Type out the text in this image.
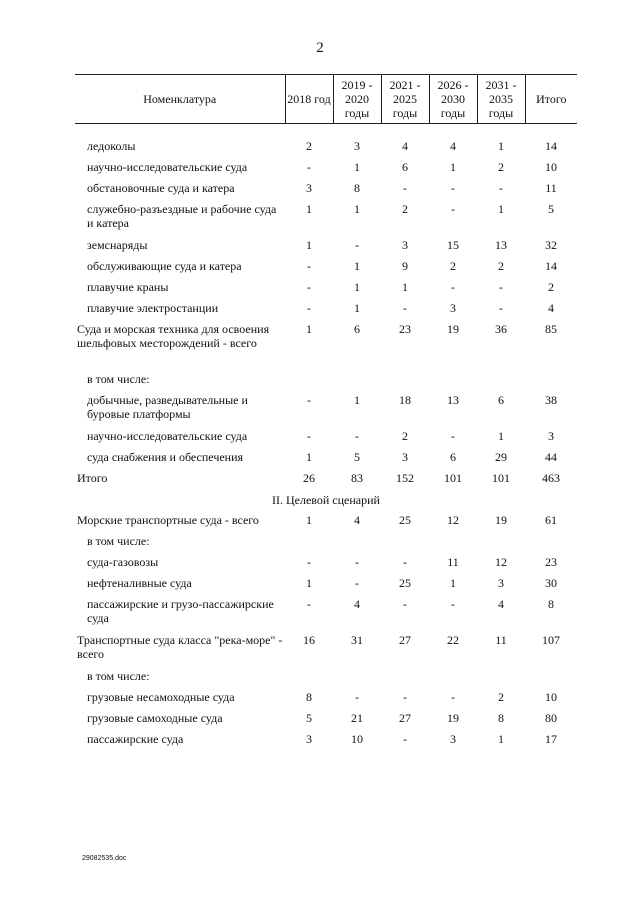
2
Номенклатура	2018 год	2019 - 2020 годы	2021 - 2025 годы	2026 - 2030 годы	2031 - 2035 годы	Итого

ледоколы	2	3	4	4	1	14
научно-исследовательские суда	-	1	6	1	2	10
обстановочные суда и катера	3	8	-	-	-	11
служебно-разъездные и рабочие суда и катера	1	1	2	-	1	5
земснаряды	1	-	3	15	13	32
обслуживающие суда и катера	-	1	9	2	2	14
плавучие краны	-	1	1	-	-	2
плавучие электростанции	-	1	-	3	-	4
Суда и морская техника для освоения шельфовых месторождений - всего	1	6	23	19	36	85
в том числе:						
добычные, разведывательные и буровые платформы	-	1	18	13	6	38
научно-исследовательские суда	-	-	2	-	1	3
суда снабжения и обеспечения	1	5	3	6	29	44
Итого	26	83	152	101	101	463
II. Целевой сценарий						
Морские транспортные суда - всего	1	4	25	12	19	61
в том числе:						
суда-газовозы	-	-	-	11	12	23
нефтеналивные суда	1	-	25	1	3	30
пассажирские и грузо-пассажирские суда	-	4	-	-	4	8
Транспортные суда класса "река-море" - всего	16	31	27	22	11	107
в том числе:						
грузовые несамоходные суда	8	-	-	-	2	10
грузовые самоходные суда	5	21	27	19	8	80
пассажирские суда	3	10	-	3	1	17
29082535.doc
